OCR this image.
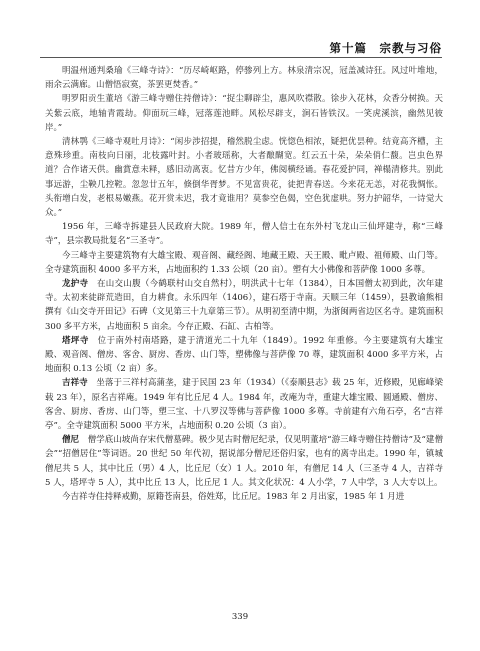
第十篇　宗教与习俗

明温州通判桑瑜《三峰寺诗》：“历尽崎岖路，停骖列上方。林泉清宗况，冠盖减诗狂。风过叶堆地，雨余云满廊。山僧悟寂寞，茶罢更焚香。”

明罗阳贡生董培《游三峰寺赠住持僧诗》：“捉尘聊辟尘，惠风吹襟散。徐步入花林，众香分树换。天关紫云底，地轴青霞劫。仰面玩三峰，冠落莲池畔。风松尽辟支，涧石皆铁汉。一笑虎溪滨，幽然见彼岸。”

清林鹗《三峰寺观吐月诗》：“闲步涉招提，稽然脱尘虑。恍惚色相浓，疑把优昙种。结竟高齐槽，主意殊珍重。南枝向日丽，北枝露叶封。小者玻瑶称，大者酿醐宽。红云五十朵，朵朵俏仁馥。岂虫色界道？合作诸天供。幽賞意未释，感旧动离衷。忆昔方少年，佛阅横经诵。春花爱护同，禅榻清修共。别此事远游，尘鞅几控鞚。忽忽廿五年，倏倒华胥梦。不见富贵花，徒把青春送。今来花无恙，对花我惆怅。头衔增白发，老根易嫩燕。花开赏未迟，我才竟谁用？莫参空色偈，空色犹虚哄。努力护韶华，一诗觉大众。”

1956 年，三峰寺拆建县人民政府大院。1989 年，僧人信士在东外村飞龙山三仙坪建寺，称“三峰寺”，县宗教局批复名“三圣寺”。

今三峰寺主要建筑物有大雄宝殿、观音阁、藏经阁、地藏王殿、天王殿、毗卢殿、祖师殿、山门等。全寺建筑面积 4000 多平方米，占地面积约 1.33 公顷（20 亩）。塑有大小佛像和菩萨像 1000 多尊。

龙护寺　在山交山腹（今鹤联村山交自然村），明洪武十七年（1384），日本国僧太初到此，次年建寺。太初来徒辟荒造田，自力耕食。永乐四年（1406），建石塔于寺南。天顺三年（1459），县教谕熊相撰有《山交寺开田记》石碑（文见第三十九章第三节）。从明初至清中期，为浙闽两省边区名寺。建筑面积 300 多平方米，占地面积 5 亩余。今存正殿、石缸、古柏等。

塔坪寺　位于南外村南塔路，建于清道光二十九年（1849）。1992 年重修。今主要建筑有大雄宝殿、观音阁、僧房、客舍、厨房、香房、山门等，塑佛像与菩萨像 70 尊，建筑面积 4000 多平方米，占地面积 0.13 公顷（2 亩）多。

吉祥寺　坐落于三祥村高蒲垄，建于民国 23 年（1934）（《泰顺县志》载 25 年，近修殿，见廊峰梁载 23 年），原名吉祥庵。1949 年有比丘尼 4 人。1984 年，改庵为寺，重建大雄宝殿、圆通殿、僧房、客舍、厨房、香房、山门等，塑三宝、十八罗汉等佛与菩萨像 1000 多尊。寺前建有六角石亭，名“吉祥亭”。全寺建筑面积 5000 平方米，占地面积 0.20 公顷（3 亩）。

僧尼　僧学底山坡尚存宋代僧墓碑。极少见古时僧尼纪录，仅见明董培“游三峰寺赠住持僧诗”及“建僧会”“招僧居住”等词语。20 世纪 50 年代初，据说部分僧尼还俗归家，也有的离寺出走。1990 年，镇城僧尼共 5 人，其中比丘（男）4 人，比丘尼（女）1 人。2010 年，有僧尼 14 人（三圣寺 4 人，吉祥寺 5 人，塔坪寺 5 人），其中比丘 13 人，比丘尼 1 人。其文化状况：4 人小学，7 人中学，3 人大专以上。

今吉祥寺住持释戒勤，原籍苍南县，俗姓郑，比丘尼。1983 年 2 月出家，1985 年 1 月进

339
